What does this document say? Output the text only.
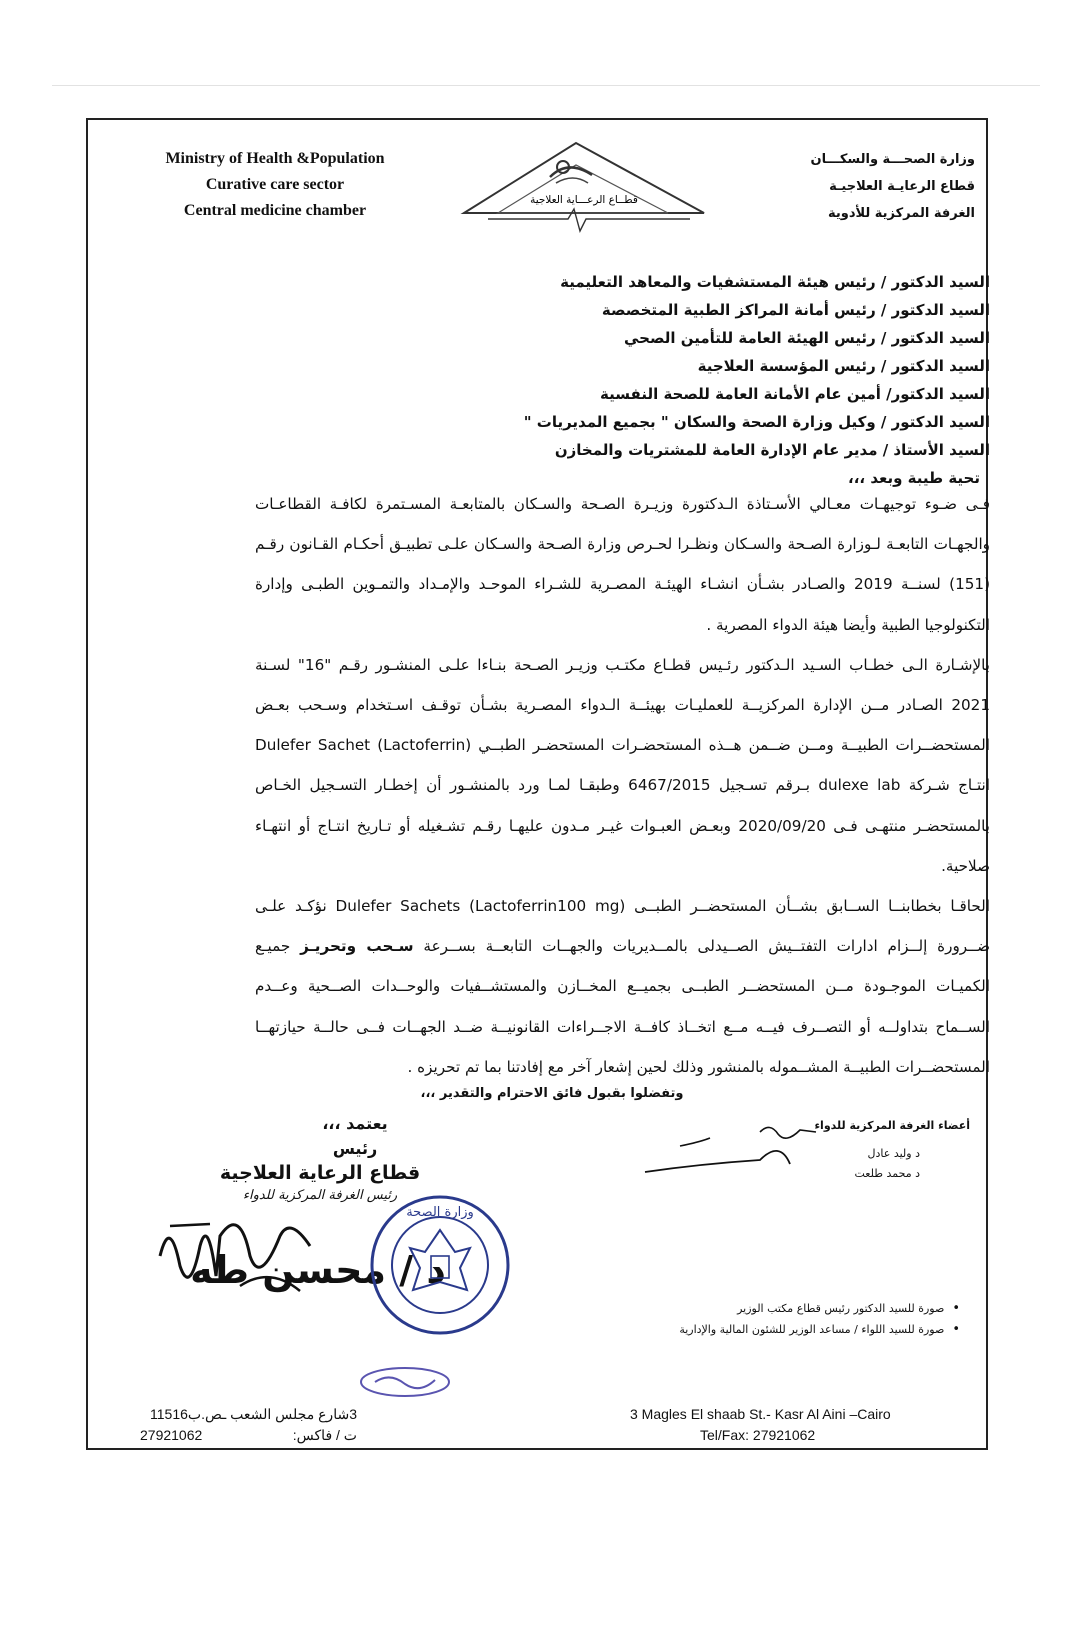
Ministry of Health &Population
Curative care sector
Central medicine chamber
قطــاع الرعـــاية العلاجية
وزارة الصحـــة والسكـــان
قطاع الرعايـة العلاجيـة
الغرفة المركزية للأدوية
السيد الدكتور / رئيس هيئة المستشفيات والمعاهد التعليمية
السيد الدكتور / رئيس أمانة المراكز الطبية المتخصصة
السيد الدكتور / رئيس الهيئة العامة للتأمين الصحي
السيد الدكتور / رئيس المؤسسة العلاجية
السيد الدكتور/ أمين عام الأمانة العامة للصحة النفسية
السيد الدكتور / وكيل وزارة الصحة والسكان " بجميع المديريات "
السيد الأستاذ / مدير عام الإدارة العامة للمشتريات والمخازن
تحية طيبة وبعد ،،،

فـى ضـوء توجيهـات معـالي الأسـتاذة الـدكتورة وزيـرة الصـحة والسـكان بالمتابعـة المسـتمرة لكافـة القطاعـات والجهـات التابعـة لـوزارة الصـحة والسـكان ونظـرا لحـرص وزارة الصـحة والسـكان علـى تطبيـق أحكـام القـانون رقـم (151) لسنــة 2019 والصـادر بشـأن انشـاء الهيئـة المصـرية للشـراء الموحـد والإمـداد والتمـوين الطبـى وإدارة التكنولوجيا الطبية وأيضا هيئة الدواء المصرية .

بالإشـارة الـى خطـاب السـيد الـدكتور رئـيس قطـاع مكتـب وزيـر الصـحة بنـاءا علـى المنشـور رقـم "16" لسـنة 2021 الصـادر مــن الإدارة المركزيــة للعمليـات بهيئــة الـدواء المصـرية بشـأن توقـف اسـتخدام وسـحب بعـض المستحضــرات الطبيــة ومــن ضــمن هــذه المستحضـرات المستحضـر الطبــي (Dulefer Sachet (Lactoferrin انتـاج شـركة dulexe lab بـرقم تسـجيل 6467/2015 وطبقـا لمـا ورد بالمنشـور أن إخطـار التسـجيل الخـاص بالمستحضـر منتهـى فـى 2020/09/20 وبعـض العبـوات غيـر مـدون عليهـا رقـم تشـغيله أو تـاريخ انتـاج أو انتهـاء صلاحية.

الحاقـا بخطابنــا الســابق بشــأن المستحضــر الطبــى (Dulefer Sachets (Lactoferrin100 mg نؤكـد علـى ضــرورة إلــزام ادارات التفتــيش الصــيدلى بالمــديريات والجهــات التابعــة بســرعة سـحب وتحريـز جميـع الكميـات الموجـودة مــن المستحضــر الطبــى بجميــع المخــازن والمستشــفيات والوحــدات الصــحية وعــدم الســماح بتداولــه أو التصــرف فيــه مــع اتخــاذ كافــة الاجــراءات القانونيــة ضــد الجهــات فــى حالــة حيازتهــا المستحضــرات الطبيــة المشــموله بالمنشور وذلك لحين إشعار آخر مع إفادتنا بما تم تحريزه .

وتفضلوا بقبول فائق الاحترام والتقدير ،،،
يعتمد ،،،
رئيس
قطاع الرعاية العلاجية
رئيس الغرفة المركزية للدواء
د / محسن طه
وزارة الصحة
أعضاء الغرفة المركزية للدواء
د وليد عادل
د محمد طلعت
•صورة للسيد الدكتور رئيس قطاع مكتب الوزير
•صورة للسيد اللواء / مساعد الوزير للشئون المالية والإدارية
3شارع مجلس الشعب ـص.ب11516
27921062	ت / فاكس:
3 Magles El shaab St.- Kasr Al Aini –Cairo
Tel/Fax: 27921062
